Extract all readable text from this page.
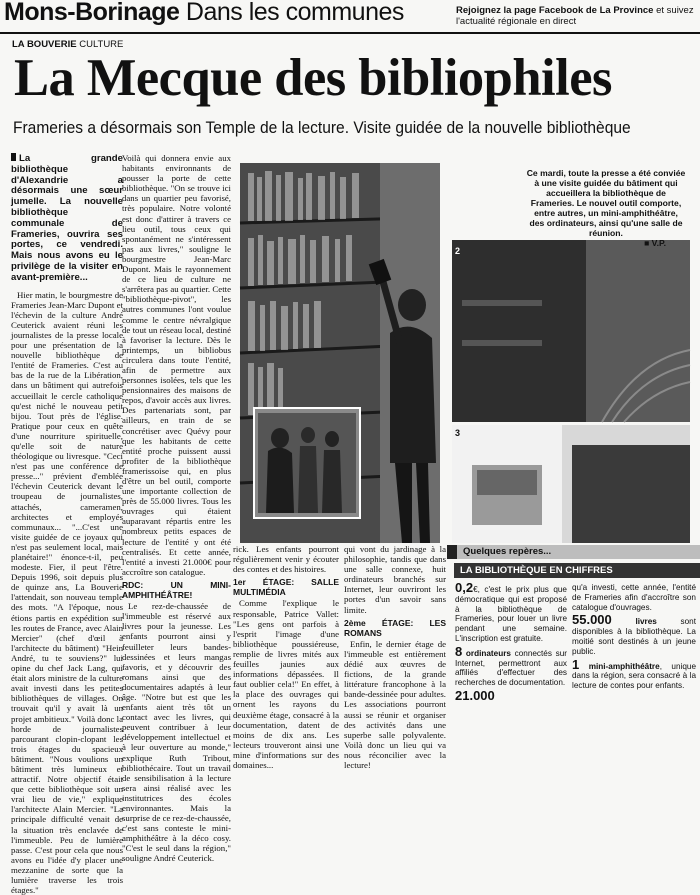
Mons-Borinage Dans les communes	Rejoignez la page Facebook de La Province et suivez l'actualité régionale en direct
LA BOUVERIE CULTURE
La Mecque des bibliophiles
Frameries a désormais son Temple de la lecture. Visite guidée de la nouvelle bibliothèque
La grande bibliothèque d'Alexandrie a désormais une sœur jumelle. La nouvelle bibliothèque communale de Frameries, ouvrira ses portes, ce vendredi. Mais nous avons eu le privilège de la visiter en avant-première...

Hier matin, le bourgmestre de Frameries Jean-Marc Dupont et l'échevin de la culture André Ceuterick avaient réuni les journalistes de la presse locale pour une présentation de la nouvelle bibliothèque de l'entité de Frameries. C'est au bas de la rue de la Libération, dans un bâtiment qui autrefois accueillait le cercle catholique qu'est niché le nouveau petit bijou. Tout près de l'église. Pratique pour ceux en quête d'une nourriture spirituelle, qu'elle soit de nature théologique ou livresque. "Ceci n'est pas une conférence de presse..." prévient d'emblée l'échevin Ceuterick devant le troupeau de journalistes, attachés, cameramen, architectes et employés communaux... "...C'est une visite guidée de ce joyaux qui n'est pas seulement local, mais planétaire!" énonce-t-il, peu modeste. Fier, il peut l'être. Depuis 1996, soit depuis plus de quinze ans, La Bouverie l'attendait, son nouveau temple des mots. "A l'époque, nous étions partis en expédition sur les routes de France, avec Alain Mercier" (chef d'œil à l'architecte du bâtiment) "Hein André, tu te souviens?" lui opine du chef Jack Lang, qui était alors ministre de la culture avait investi dans les petites bibliothèques de villages. On trouvait qu'il y avait là un projet ambitieux." Voilà donc la horde de journalistes parcourant clopin-clopant les trois étages du spacieux bâtiment. "Nous voulions un bâtiment très lumineux et attractif. Notre objectif était que cette bibliothèque soit un vrai lieu de vie," explique l'architecte Alain Mercier. "La principale difficulté venait de la situation très enclavée de l'immeuble. Peu de lumière passe. C'est pour cela que nous avons eu l'idée d'y placer une mezzanine de sorte que la lumière traverse les trois étages."

Voilà qui donnera envie aux habitants environnants de pousser la porte de cette bibliothèque. "On se trouve ici dans un quartier peu favorisé, très populaire. Notre volonté est donc d'attirer à travers ce lieu outil, tous ceux qui spontanément ne s'intéressent pas aux livres," souligne le bourgmestre Jean-Marc Dupont. Mais le rayonnement de ce lieu de culture ne s'arrêtera pas au quartier. Cette "bibliothèque-pivot", les autres communes l'ont voulue comme le centre névralgique de tout un réseau local, destiné à favoriser la lecture. Dès le printemps, un bibliobus circulera dans toute l'entité, afin de permettre aux personnes isolées, tels que les pensionnaires des maisons de repos, d'avoir accès aux livres. Des partenariats sont, par ailleurs, en train de se concrétiser avec Quévy pour que les habitants de cette entité proche puissent aussi profiter de la bibliothèque framerissoise qui, en plus d'être un bel outil, comporte une importante collection de près de 55.000 livres. Tous les ouvrages qui étaient auparavant répartis entre les nombreux petits espaces de lecture de l'entité y ont été centralisés. Et cette année, l'entité a investi 21.000€ pour accroître son catalogue.

RDC: UN MINI-AMPHITHÉÂTRE!

Le rez-de-chaussée de l'immeuble est réservé aux livres pour la jeunesse. Les enfants pourront ainsi y feuilleter leurs bandes-dessinées et leurs mangas favoris, et y découvrir des romans ainsi que des documentaires adaptés à leur âge. "Notre but est que les enfants aient très tôt un contact avec les livres, qui peuvent contribuer à leur développement intellectuel et à leur ouverture au monde," explique Ruth Tribout, bibliothécaire. Tout un travail de sensibilisation à la lecture sera ainsi réalisé avec les institutrices des écoles environnantes. Mais la surprise de ce rez-de-chaussée, c'est sans conteste le mini-amphithéâtre à la déco cosy. "C'est le seul dans la région," souligne André Ceuterick.

2
3
Ce mardi, toute la presse a été conviée à une visite guidée du bâtiment qui accueillera la bibliothèque de Frameries. Le nouvel outil comporte, entre autres, un mini-amphithéâtre, des ordinateurs, ainsi qu'une salle de réunion.
■ V.P.

rick. Les enfants pourront régulièrement venir y écouter des contes et des histoires.

1er ÉTAGE: SALLE MULTIMÉDIA

Comme l'explique le responsable, Patrice Vallet: "Les gens ont parfois à l'esprit l'image d'une bibliothèque poussiéreuse, remplie de livres mités aux feuilles jaunies aux informations dépassées. Il faut oublier cela!" En effet, à la place des ouvrages qui ornent les rayons du deuxième étage, consacré à la documentation, datent de moins de dix ans. Les lecteurs trouveront ainsi une mine d'informations sur des domaines...

qui vont du jardinage à la philosophie, tandis que dans une salle connexe, huit ordinateurs branchés sur Internet, leur ouvriront les portes d'un savoir sans limite.

2ème ÉTAGE: LES ROMANS

Enfin, le dernier étage de l'immeuble est entièrement dédié aux œuvres de fictions, de la grande littérature francophone à la bande-dessinée pour adultes. Les associations pourront aussi se réunir et organiser des activités dans une superbe salle polyvalente. Voilà donc un lieu qui va nous réconcilier avec la lecture!

Quelques repères...
LA BIBLIOTHÈQUE EN CHIFFRES
0,2€, c'est le prix plus que démocratique qui est proposé à la bibliothèque de Frameries, pour louer un livre pendant une semaine. L'inscription est gratuite.
8 ordinateurs connectés sur Internet, permettront aux affiliés d'effectuer des recherches de documentation.
21.000
qu'a investi, cette année, l'entité de Frameries afin d'accroître son catalogue d'ouvrages.
55.000	livres	sont disponibles à la bibliothèque. La moitié sont destinés à un jeune public.
1 mini-amphithéâtre, unique dans la région, sera consacré à la lecture de contes pour enfants.
